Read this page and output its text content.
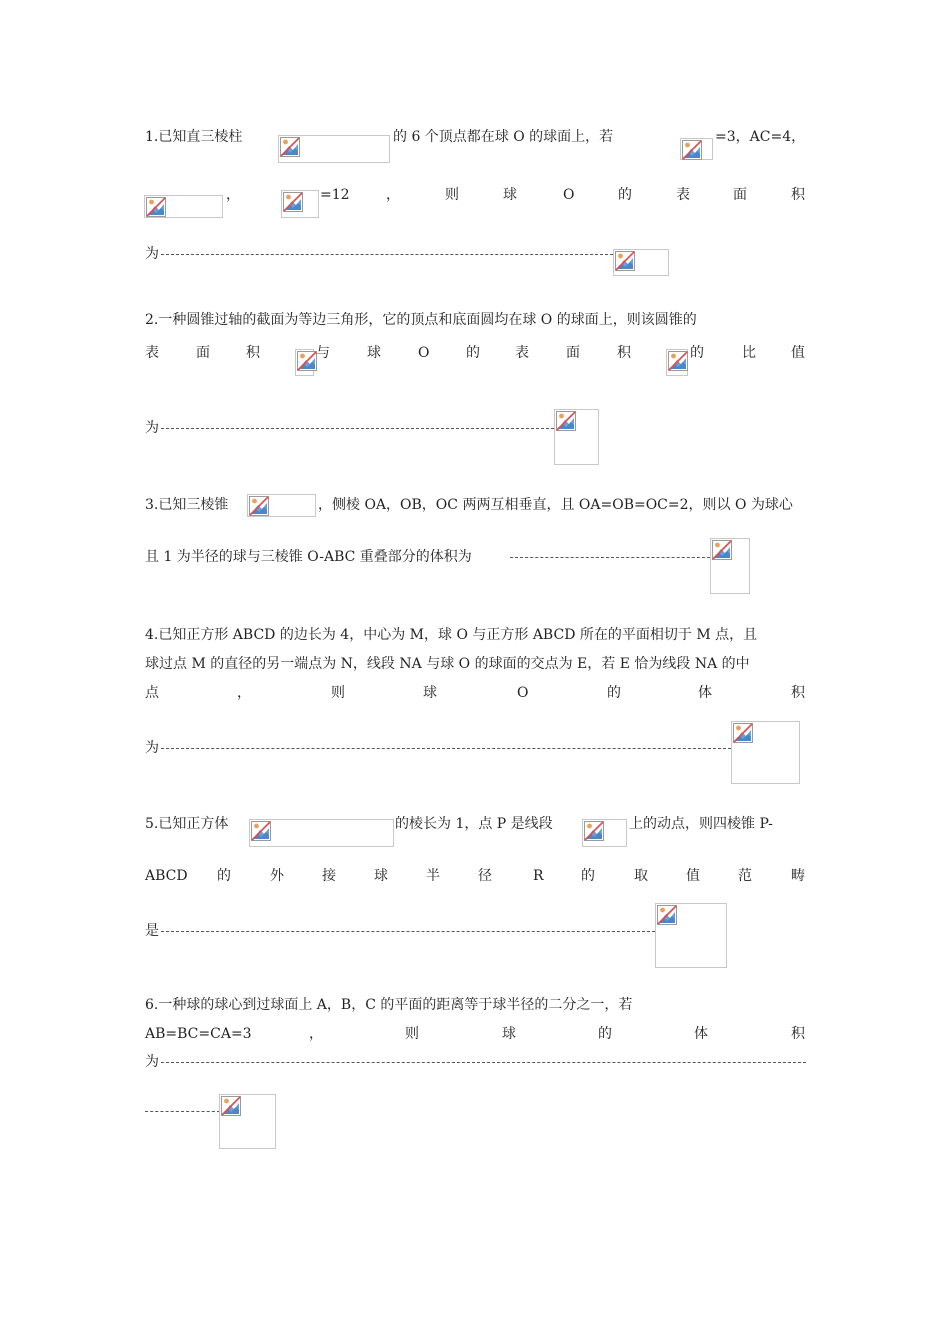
1.已知直三棱柱	的 6 个顶点都在球 O 的球面上，若	=3，AC=4，
，	=12	，	则	球	O	的	表	面	积
为
2.一种圆锥过轴的截面为等边三角形，它的顶点和底面圆均在球 O 的球面上，则该圆锥的
表	面	积	与	球	O	的	表	面	积	的	比	值
为
3.已知三棱锥	，侧棱 OA，OB，OC 两两互相垂直，且 OA=OB=OC=2，则以 O 为球心
且 1 为半径的球与三棱锥 O-ABC 重叠部分的体积为
4.已知正方形 ABCD 的边长为 4，中心为 M，球 O 与正方形 ABCD 所在的平面相切于 M 点，且
球过点 M 的直径的另一端点为 N，线段 NA 与球 O 的球面的交点为 E，若 E 恰为线段 NA 的中
点	，	则	球	O	的	体	积
为
5.已知正方体	的棱长为 1，点 P 是线段	上的动点，则四棱锥 P-
ABCD 的	外	接	球	半	径	R	的	取	值	范	畴
是
6.一种球的球心到过球面上 A，B，C 的平面的距离等于球半径的二分之一，若
AB=BC=CA=3	，	则	球	的	体	积
为
